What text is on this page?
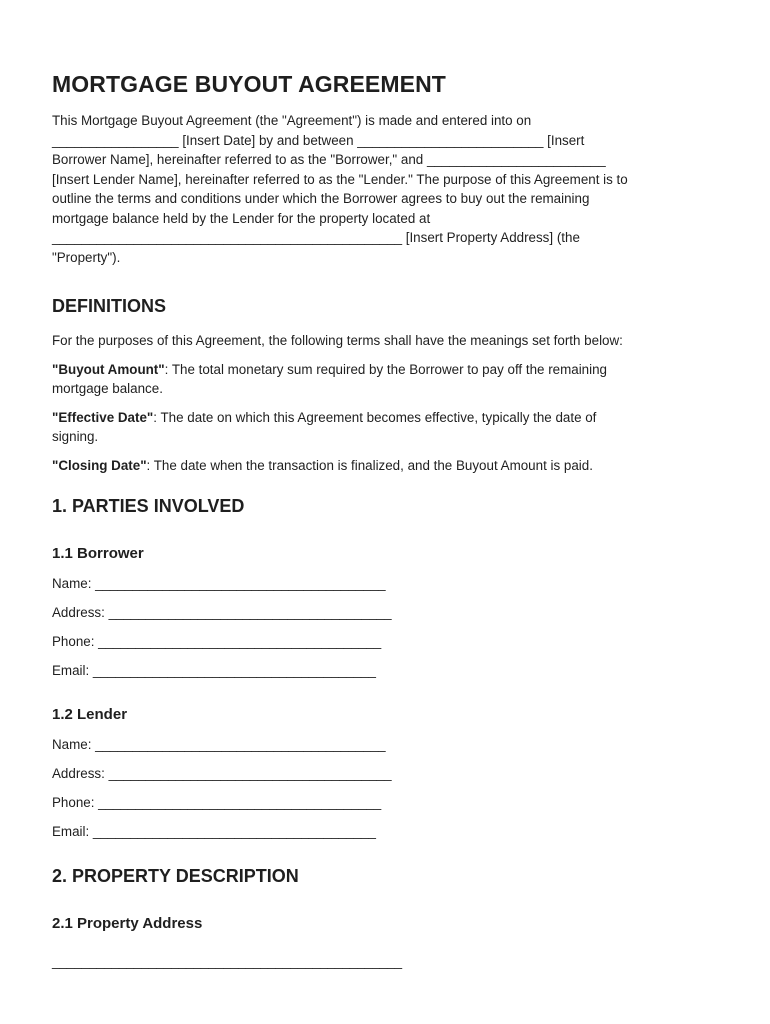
MORTGAGE BUYOUT AGREEMENT

This Mortgage Buyout Agreement (the "Agreement") is made and entered into on
_________________ [Insert Date] by and between _________________________ [Insert
Borrower Name], hereinafter referred to as the "Borrower," and ________________________
[Insert Lender Name], hereinafter referred to as the "Lender." The purpose of this Agreement is to
outline the terms and conditions under which the Borrower agrees to buy out the remaining
mortgage balance held by the Lender for the property located at
_______________________________________________ [Insert Property Address] (the
"Property").

DEFINITIONS

For the purposes of this Agreement, the following terms shall have the meanings set forth below:

"Buyout Amount": The total monetary sum required by the Borrower to pay off the remaining
mortgage balance.

"Effective Date": The date on which this Agreement becomes effective, typically the date of
signing.

"Closing Date": The date when the transaction is finalized, and the Buyout Amount is paid.

1. PARTIES INVOLVED
1.1 Borrower
Name: _______________________________________
Address: ______________________________________
Phone: ______________________________________
Email: ______________________________________
1.2 Lender
Name: _______________________________________
Address: ______________________________________
Phone: ______________________________________
Email: ______________________________________
2. PROPERTY DESCRIPTION
2.1 Property Address
_______________________________________________
